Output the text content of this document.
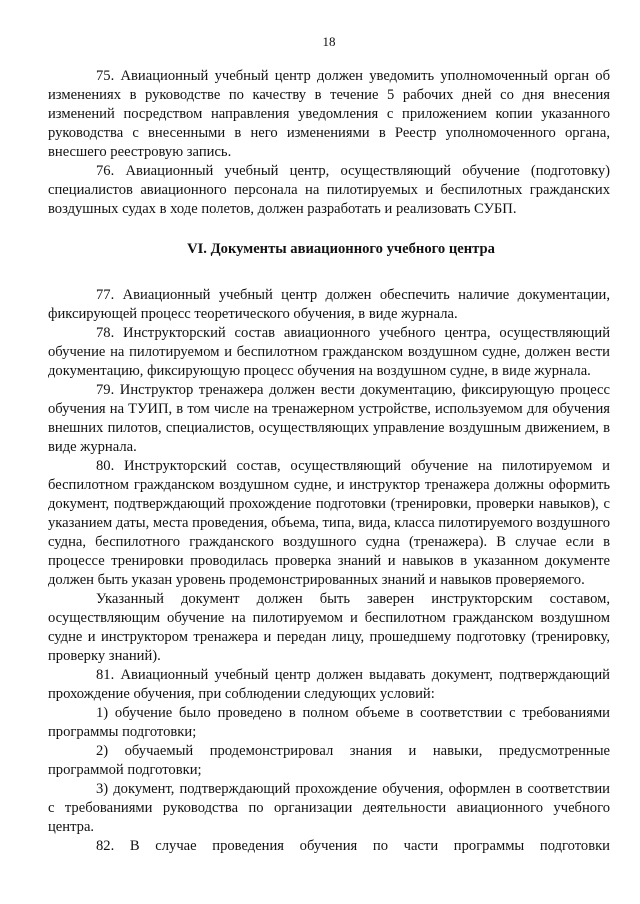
18

75. Авиационный учебный центр должен уведомить уполномоченный орган об изменениях в руководстве по качеству в течение 5 рабочих дней со дня внесения изменений посредством направления уведомления с приложением копии указанного руководства с внесенными в него изменениями в Реестр уполномоченного органа, внесшего реестровую запись.

76. Авиационный учебный центр, осуществляющий обучение (подготовку) специалистов авиационного персонала на пилотируемых и беспилотных гражданских воздушных судах в ходе полетов, должен разработать и реализовать СУБП.

VI. Документы авиационного учебного центра

77. Авиационный учебный центр должен обеспечить наличие документации, фиксирующей процесс теоретического обучения, в виде журнала.

78. Инструкторский состав авиационного учебного центра, осуществляющий обучение на пилотируемом и беспилотном гражданском воздушном судне, должен вести документацию, фиксирующую процесс обучения на воздушном судне, в виде журнала.

79. Инструктор тренажера должен вести документацию, фиксирующую процесс обучения на ТУИП, в том числе на тренажерном устройстве, используемом для обучения внешних пилотов, специалистов, осуществляющих управление воздушным движением, в виде журнала.

80. Инструкторский состав, осуществляющий обучение на пилотируемом и беспилотном гражданском воздушном судне, и инструктор тренажера должны оформить документ, подтверждающий прохождение подготовки (тренировки, проверки навыков), с указанием даты, места проведения, объема, типа, вида, класса пилотируемого воздушного судна, беспилотного гражданского воздушного судна (тренажера). В случае если в процессе тренировки проводилась проверка знаний и навыков в указанном документе должен быть указан уровень продемонстрированных знаний и навыков проверяемого.

Указанный документ должен быть заверен инструкторским составом, осуществляющим обучение на пилотируемом и беспилотном гражданском воздушном судне и инструктором тренажера и передан лицу, прошедшему подготовку (тренировку, проверку знаний).

81. Авиационный учебный центр должен выдавать документ, подтверждающий прохождение обучения, при соблюдении следующих условий:

1) обучение было проведено в полном объеме в соответствии с требованиями программы подготовки;

2) обучаемый продемонстрировал знания и навыки, предусмотренные программой подготовки;

3) документ, подтверждающий прохождение обучения, оформлен в соответствии с требованиями руководства по организации деятельности авиационного учебного центра.

82. В случае проведения обучения по части программы подготовки
